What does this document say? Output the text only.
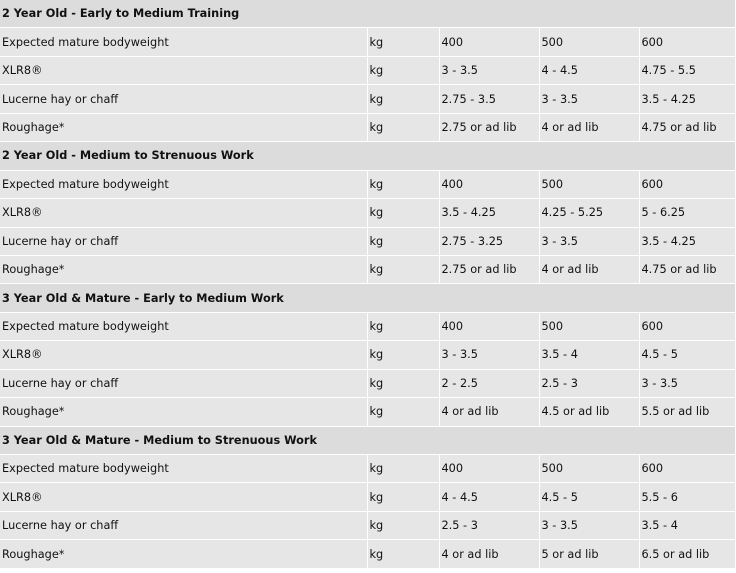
2 Year Old - Early to Medium Training				
Expected mature bodyweight	kg	400	500	600
XLR8®	kg	3 - 3.5	4 - 4.5	4.75 - 5.5
Lucerne hay or chaff	kg	2.75 - 3.5	3 - 3.5	3.5 - 4.25
Roughage*	kg	2.75 or ad lib	4 or ad lib	4.75 or ad lib
2 Year Old - Medium to Strenuous Work				
Expected mature bodyweight	kg	400	500	600
XLR8®	kg	3.5 - 4.25	4.25 - 5.25	5 - 6.25
Lucerne hay or chaff	kg	2.75 - 3.25	3 - 3.5	3.5 - 4.25
Roughage*	kg	2.75 or ad lib	4 or ad lib	4.75 or ad lib
3 Year Old & Mature - Early to Medium Work				
Expected mature bodyweight	kg	400	500	600
XLR8®	kg	3 - 3.5	3.5 - 4	4.5 - 5
Lucerne hay or chaff	kg	2 - 2.5	2.5 - 3	3 - 3.5
Roughage*	kg	4 or ad lib	4.5 or ad lib	5.5 or ad lib
3 Year Old & Mature - Medium to Strenuous Work				
Expected mature bodyweight	kg	400	500	600
XLR8®	kg	4 - 4.5	4.5 - 5	5.5 - 6
Lucerne hay or chaff	kg	2.5 - 3	3 - 3.5	3.5 - 4
Roughage*	kg	4 or ad lib	5 or ad lib	6.5 or ad lib
